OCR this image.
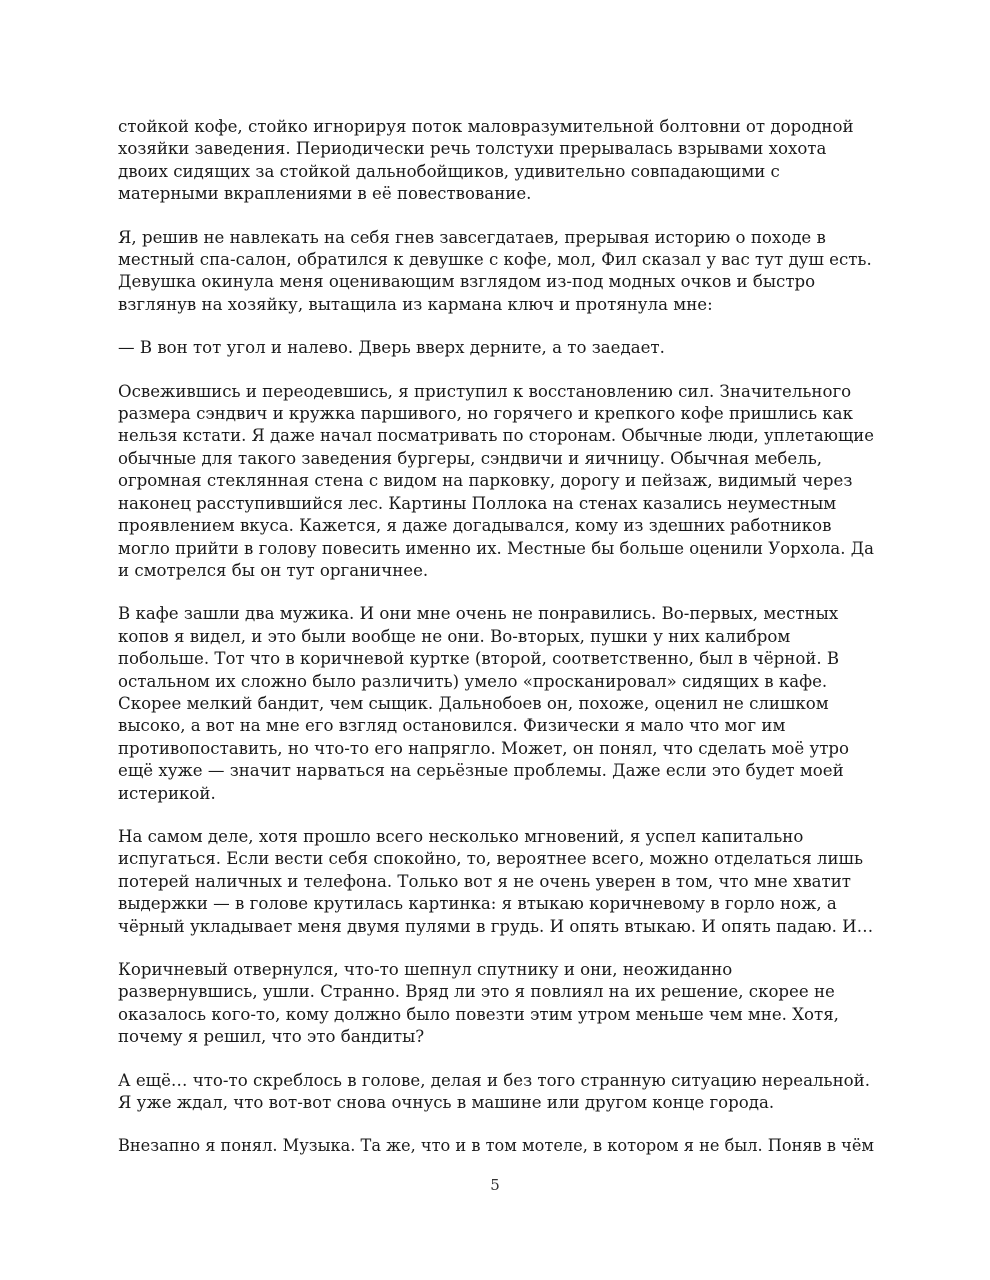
стойкой кофе, стойко игнорируя поток маловразумительной болтовни от дородной
хозяйки заведения. Периодически речь толстухи прерывалась взрывами хохота
двоих сидящих за стойкой дальнобойщиков, удивительно совпадающими с
матерными вкраплениями в её повествование.

Я, решив не навлекать на себя гнев завсегдатаев, прерывая историю о походе в
местный спа-салон, обратился к девушке с кофе, мол, Фил сказал у вас тут душ есть.
Девушка окинула меня оценивающим взглядом из-под модных очков и быстро
взглянув на хозяйку, вытащила из кармана ключ и протянула мне:

— В вон тот угол и налево. Дверь вверх дерните, а то заедает.

Освежившись и переодевшись, я приступил к восстановлению сил. Значительного
размера сэндвич и кружка паршивого, но горячего и крепкого кофе пришлись как
нельзя кстати. Я даже начал посматривать по сторонам. Обычные люди, уплетающие
обычные для такого заведения бургеры, сэндвичи и яичницу. Обычная мебель,
огромная стеклянная стена с видом на парковку, дорогу и пейзаж, видимый через
наконец расступившийся лес. Картины Поллока на стенах казались неуместным
проявлением вкуса. Кажется, я даже догадывался, кому из здешних работников
могло прийти в голову повесить именно их. Местные бы больше оценили Уорхола. Да
и смотрелся бы он тут органичнее.

В кафе зашли два мужика. И они мне очень не понравились. Во-первых, местных
копов я видел, и это были вообще не они. Во-вторых, пушки у них калибром
побольше. Тот что в коричневой куртке (второй, соответственно, был в чёрной. В
остальном их сложно было различить) умело «просканировал» сидящих в кафе.
Скорее мелкий бандит, чем сыщик. Дальнобоев он, похоже, оценил не слишком
высоко, а вот на мне его взгляд остановился. Физически я мало что мог им
противопоставить, но что-то его напрягло. Может, он понял, что сделать моё утро
ещё хуже — значит нарваться на серьёзные проблемы. Даже если это будет моей
истерикой.

На самом деле, хотя прошло всего несколько мгновений, я успел капитально
испугаться. Если вести себя спокойно, то, вероятнее всего, можно отделаться лишь
потерей наличных и телефона. Только вот я не очень уверен в том, что мне хватит
выдержки — в голове крутилась картинка: я втыкаю коричневому в горло нож, а
чёрный укладывает меня двумя пулями в грудь. И опять втыкаю. И опять падаю. И…

Коричневый отвернулся, что-то шепнул спутнику и они, неожиданно
развернувшись, ушли. Странно. Вряд ли это я повлиял на их решение, скорее не
оказалось кого-то, кому должно было повезти этим утром меньше чем мне. Хотя,
почему я решил, что это бандиты?

А ещё… что-то скреблось в голове, делая и без того странную ситуацию нереальной.
Я уже ждал, что вот-вот снова очнусь в машине или другом конце города.

Внезапно я понял. Музыка. Та же, что и в том мотеле, в котором я не был. Поняв в чём

5
